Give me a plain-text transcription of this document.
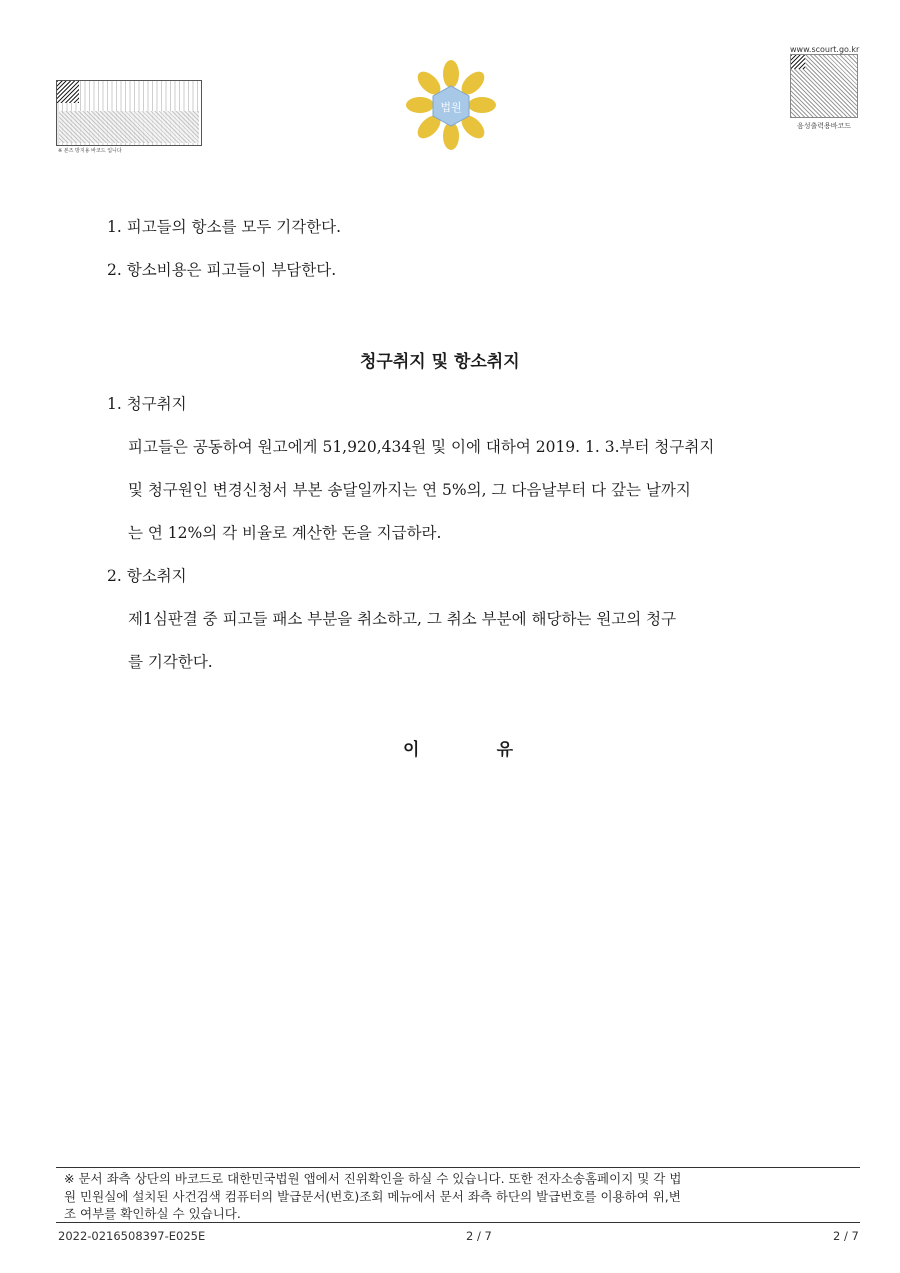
※ 본즈 방지용 바코드 입니다
법원
www.scourt.go.kr
음성출력용바코드
1. 피고들의 항소를 모두 기각한다.
2. 항소비용은 피고들이 부담한다.
청구취지 및 항소취지
1. 청구취지
피고들은 공동하여 원고에게 51,920,434원 및 이에 대하여 2019. 1. 3.부터 청구취지
및 청구원인 변경신청서 부본 송달일까지는 연 5%의, 그 다음날부터 다 갚는 날까지
는 연 12%의 각 비율로 계산한 돈을 지급하라.
2. 항소취지
제1심판결 중 피고들 패소 부분을 취소하고, 그 취소 부분에 해당하는 원고의 청구
를 기각한다.
이	유
※ 문서 좌측 상단의 바코드로 대한민국법원 앱에서 진위확인을 하실 수 있습니다. 또한 전자소송홈페이지 및 각 법
원 민원실에 설치된 사건검색 컴퓨터의 발급문서(번호)조회 메뉴에서 문서 좌측 하단의 발급번호를 이용하여 위,변
조 여부를 확인하실 수 있습니다.
2022-0216508397-E025E	2 / 7	2 / 7
